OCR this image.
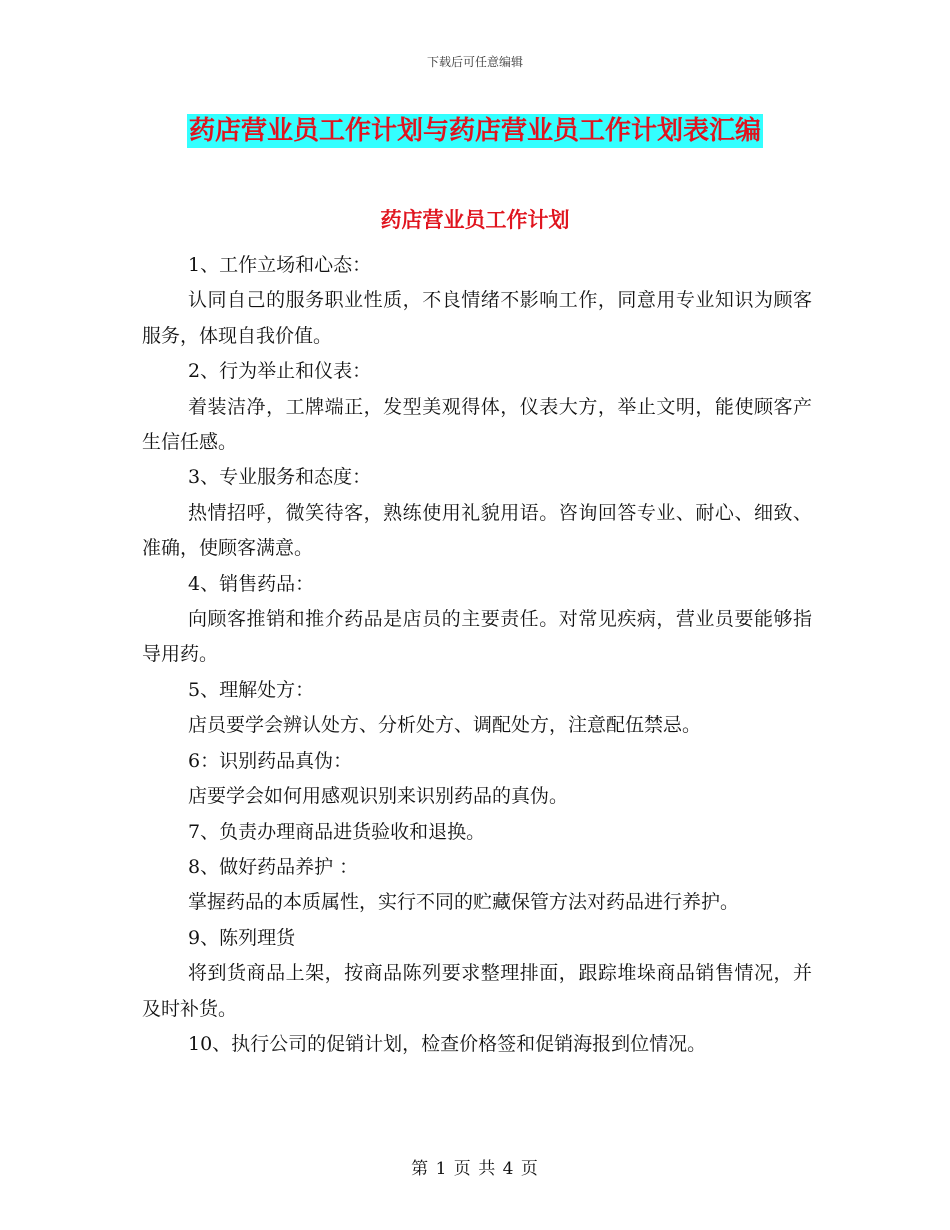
下载后可任意编辑
药店营业员工作计划与药店营业员工作计划表汇编
药店营业员工作计划

1、工作立场和心态：

认同自己的服务职业性质，不良情绪不影响工作，同意用专业知识为顾客服务，体现自我价值。

2、行为举止和仪表：

着装洁净，工牌端正，发型美观得体，仪表大方，举止文明，能使顾客产生信任感。

3、专业服务和态度：

热情招呼，微笑待客，熟练使用礼貌用语。咨询回答专业、耐心、细致、准确，使顾客满意。

4、销售药品：

向顾客推销和推介药品是店员的主要责任。对常见疾病，营业员要能够指导用药。

5、理解处方：

店员要学会辨认处方、分析处方、调配处方，注意配伍禁忌。

6：识别药品真伪：

店要学会如何用感观识别来识别药品的真伪。

7、负责办理商品进货验收和退换。

8、做好药品养护 ：

掌握药品的本质属性，实行不同的贮藏保管方法对药品进行养护。

9、陈列理货

将到货商品上架，按商品陈列要求整理排面，跟踪堆垛商品销售情况，并及时补货。

10、执行公司的促销计划，检查价格签和促销海报到位情况。

第 1 页 共 4 页
